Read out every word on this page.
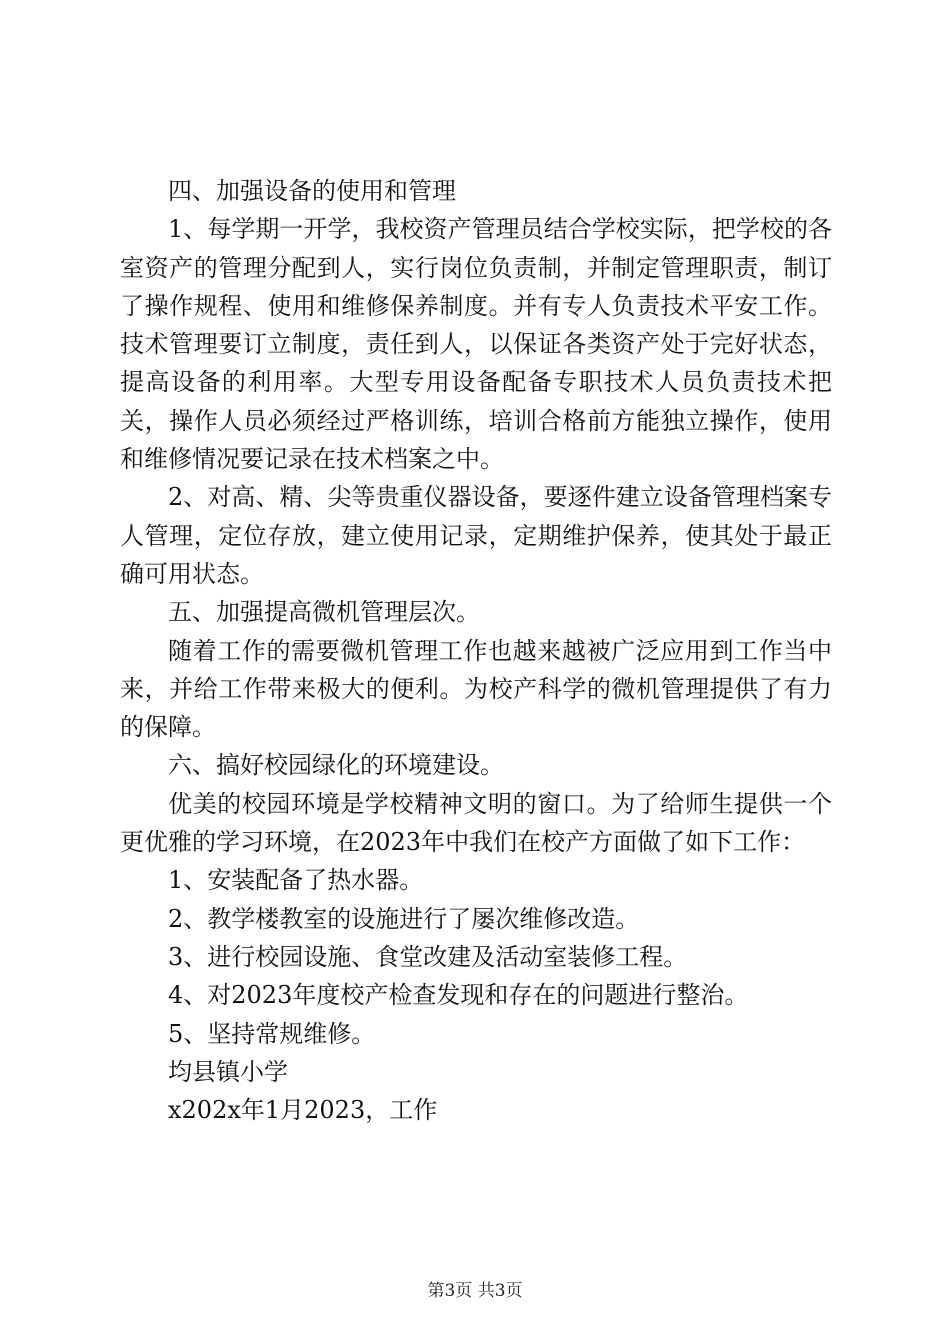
四、加强设备的使用和管理

1、每学期一开学，我校资产管理员结合学校实际，把学校的各室资产的管理分配到人，实行岗位负责制，并制定管理职责，制订了操作规程、使用和维修保养制度。并有专人负责技术平安工作。技术管理要订立制度，责任到人，以保证各类资产处于完好状态，提高设备的利用率。大型专用设备配备专职技术人员负责技术把关，操作人员必须经过严格训练，培训合格前方能独立操作，使用和维修情况要记录在技术档案之中。

2、对高、精、尖等贵重仪器设备，要逐件建立设备管理档案专人管理，定位存放，建立使用记录，定期维护保养，使其处于最正确可用状态。

五、加强提高微机管理层次。

随着工作的需要微机管理工作也越来越被广泛应用到工作当中来，并给工作带来极大的便利。为校产科学的微机管理提供了有力的保障。

六、搞好校园绿化的环境建设。

优美的校园环境是学校精神文明的窗口。为了给师生提供一个更优雅的学习环境，在2023年中我们在校产方面做了如下工作：

1、安装配备了热水器。

2、教学楼教室的设施进行了屡次维修改造。

3、进行校园设施、食堂改建及活动室装修工程。

4、对2023年度校产检查发现和存在的问题进行整治。

5、坚持常规维修。

均县镇小学

x202x年1月2023，工作

第3页 共3页
